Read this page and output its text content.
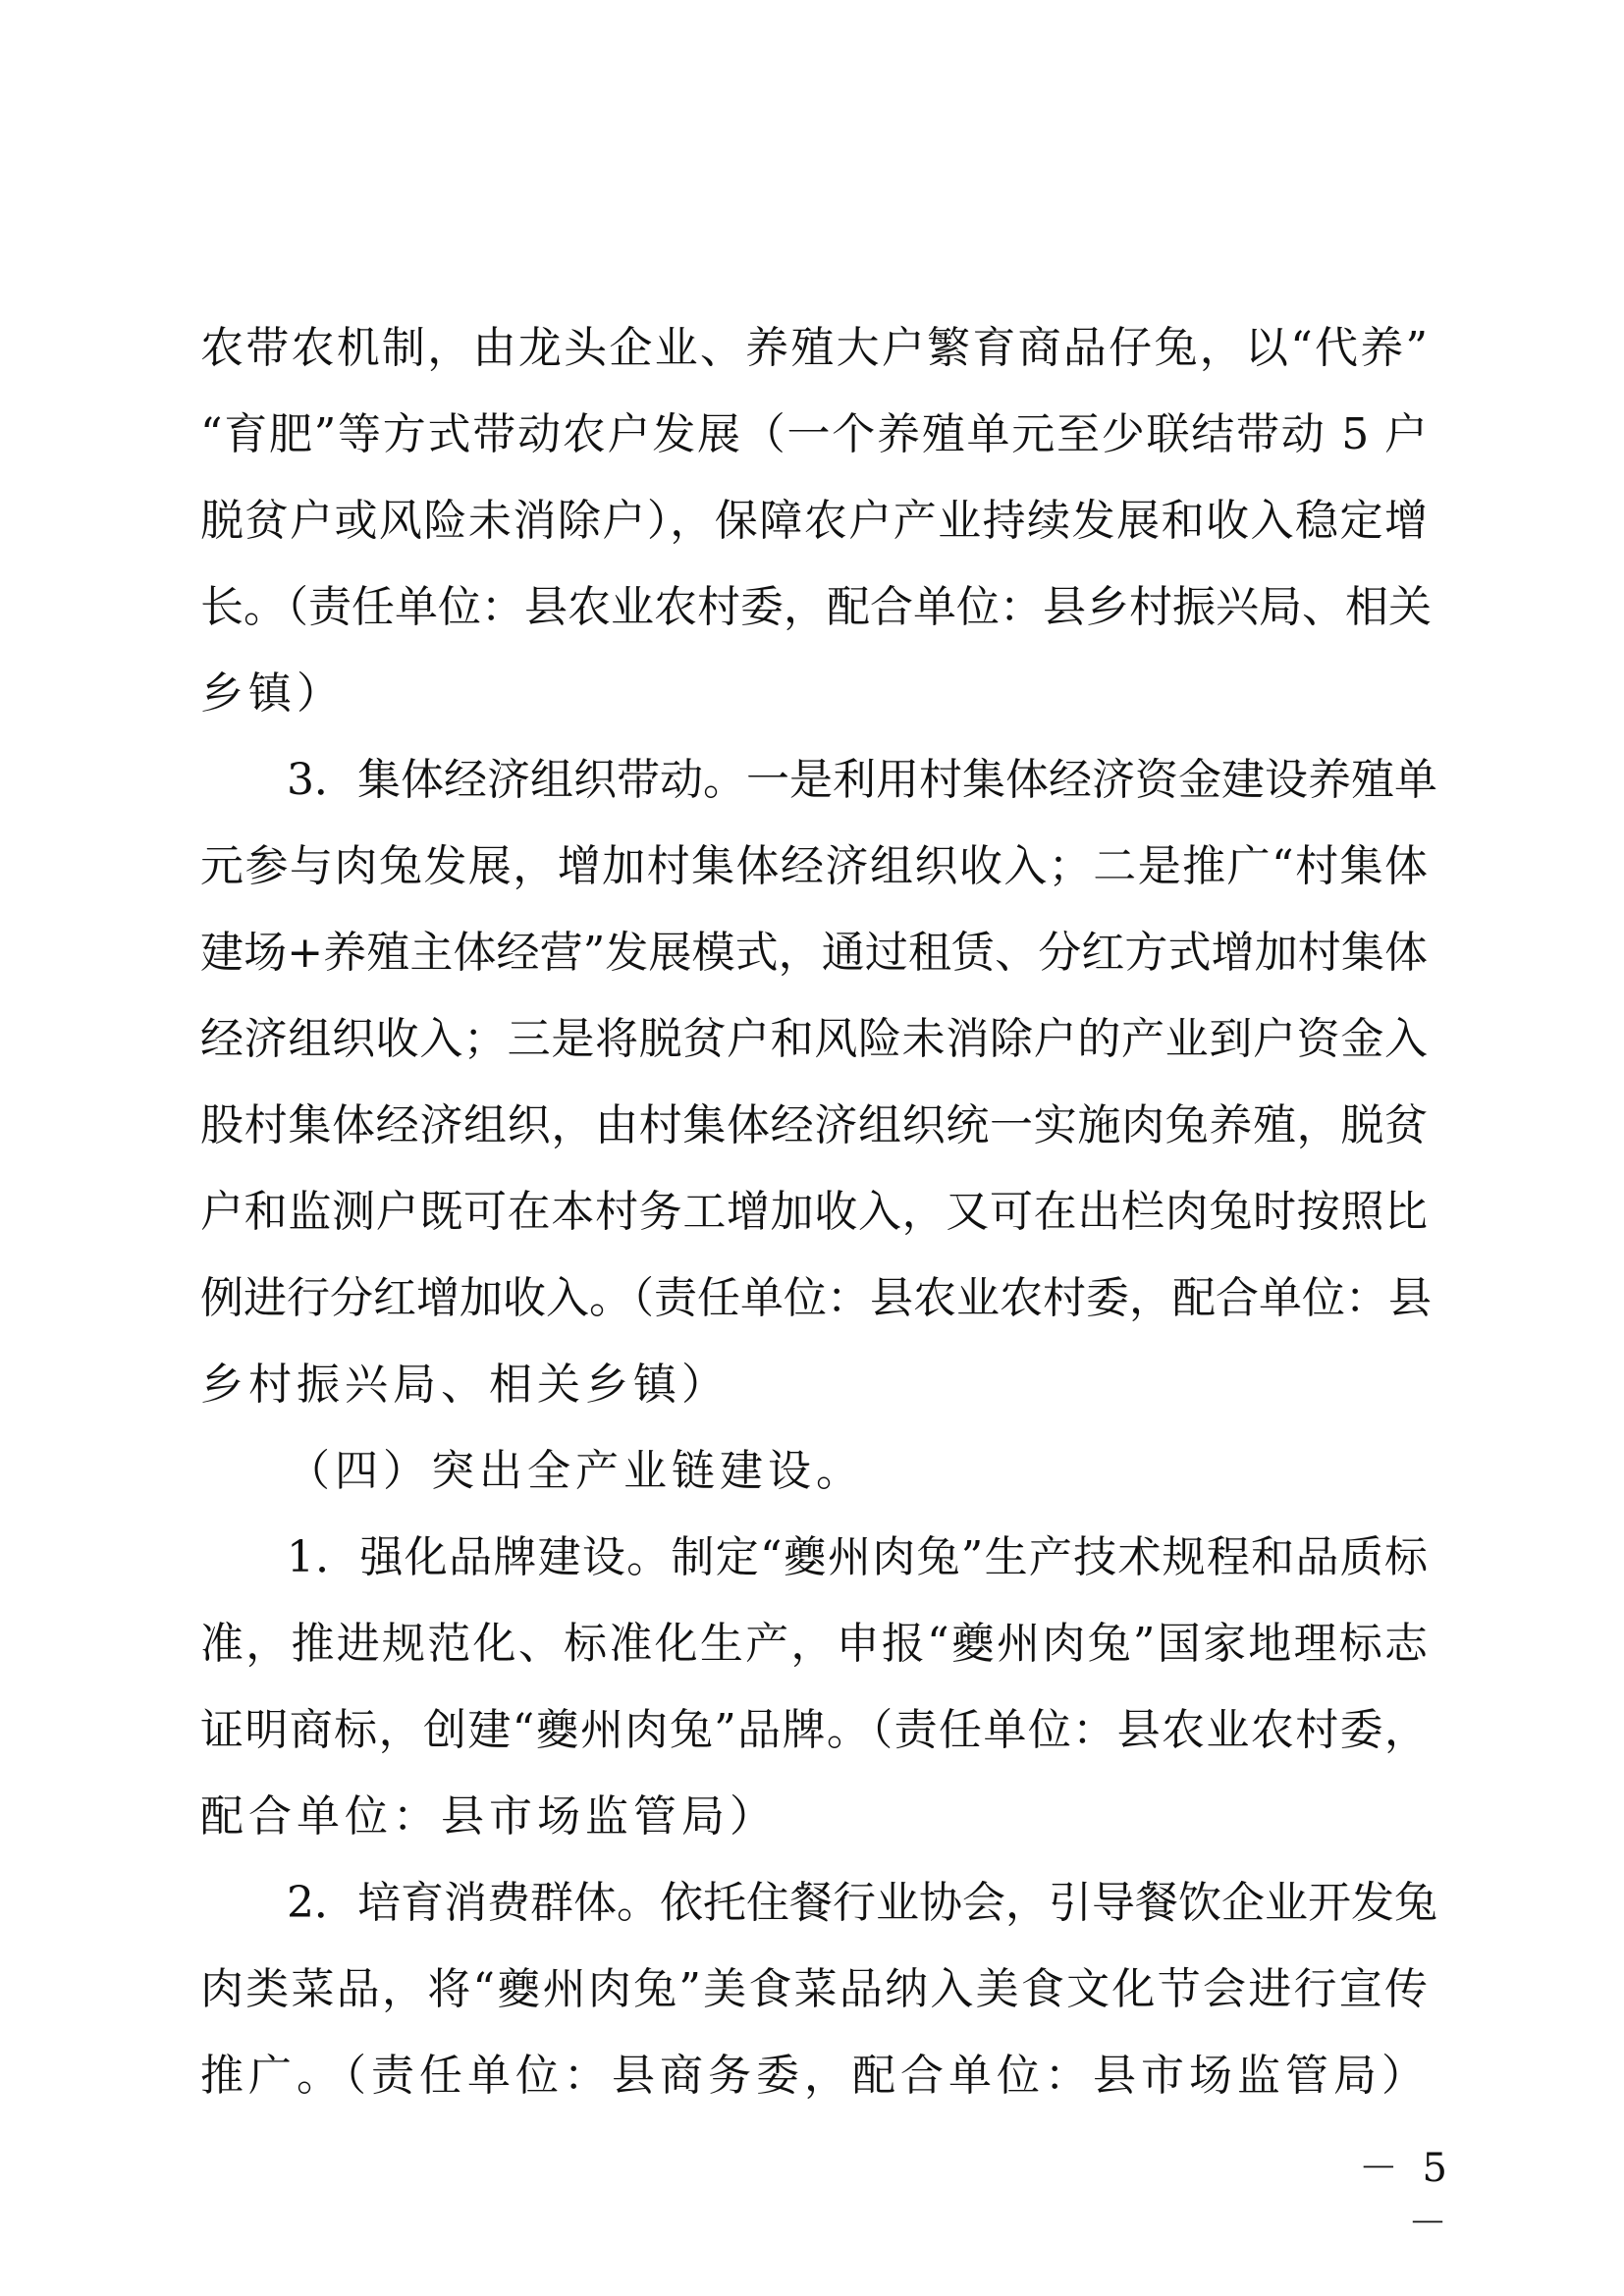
农带农机制，由龙头企业、养殖大户繁育商品仔兔，以“代养”
“育肥”等方式带动农户发展（一个养殖单元至少联结带动 5 户
脱贫户或风险未消除户），保障农户产业持续发展和收入稳定增
长。（责任单位：县农业农村委，配合单位：县乡村振兴局、相关
乡镇）
3．集体经济组织带动。一是利用村集体经济资金建设养殖单
元参与肉兔发展，增加村集体经济组织收入；二是推广“村集体
建场+养殖主体经营”发展模式，通过租赁、分红方式增加村集体
经济组织收入；三是将脱贫户和风险未消除户的产业到户资金入
股村集体经济组织，由村集体经济组织统一实施肉兔养殖，脱贫
户和监测户既可在本村务工增加收入，又可在出栏肉兔时按照比
例进行分红增加收入。（责任单位：县农业农村委，配合单位：县
乡村振兴局、相关乡镇）
（四）突出全产业链建设。
1．强化品牌建设。制定“夔州肉兔”生产技术规程和品质标
准，推进规范化、标准化生产，申报“夔州肉兔”国家地理标志
证明商标，创建“夔州肉兔”品牌。（责任单位：县农业农村委，
配合单位：县市场监管局）
2．培育消费群体。依托住餐行业协会，引导餐饮企业开发兔
肉类菜品，将“夔州肉兔”美食菜品纳入美食文化节会进行宣传
推广。（责任单位：县商务委，配合单位：县市场监管局）
－ 5 －
